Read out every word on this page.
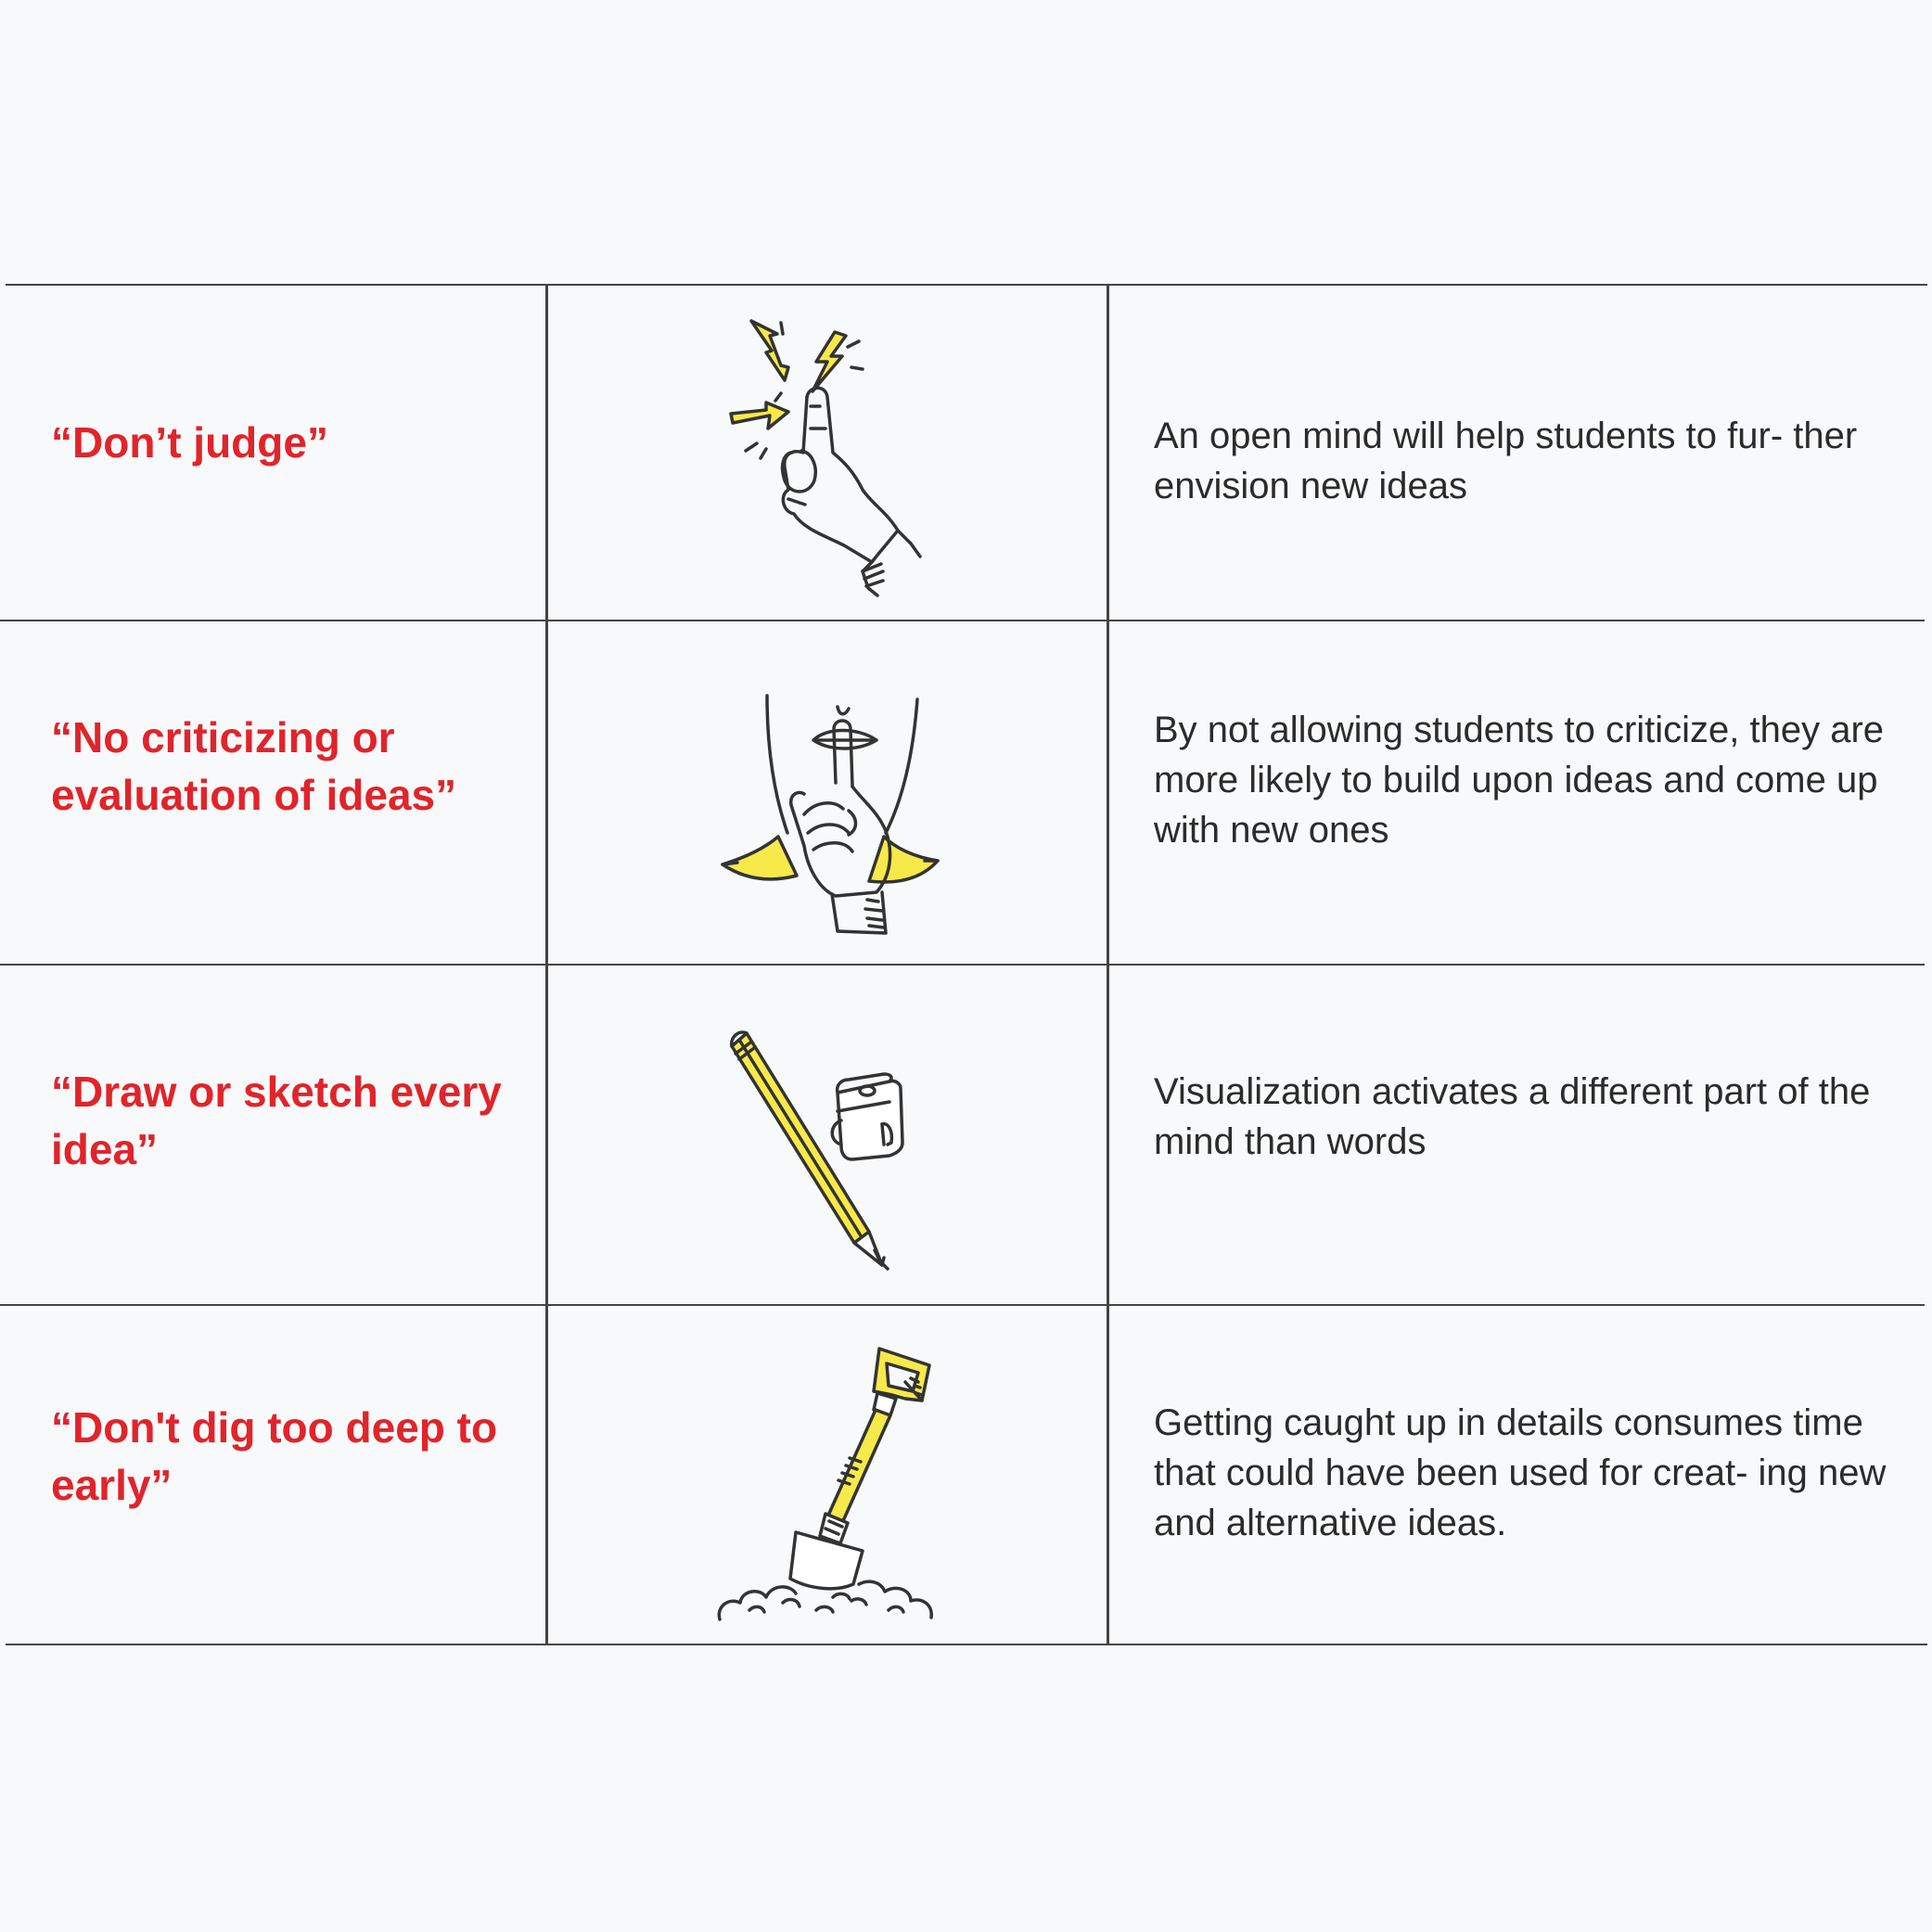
“Don’t judge”	An open mind will help students to fur- ther envision new ideas

“No criticizing or evaluation of ideas”

By not allowing students to criticize, they are more likely to build upon ideas and come up with new ones

“Draw or sketch every idea”

Visualization activates a different part of the mind than words

“Don't dig too deep to early”

Getting caught up in details consumes time that could have been used for creat- ing new and alternative ideas.
